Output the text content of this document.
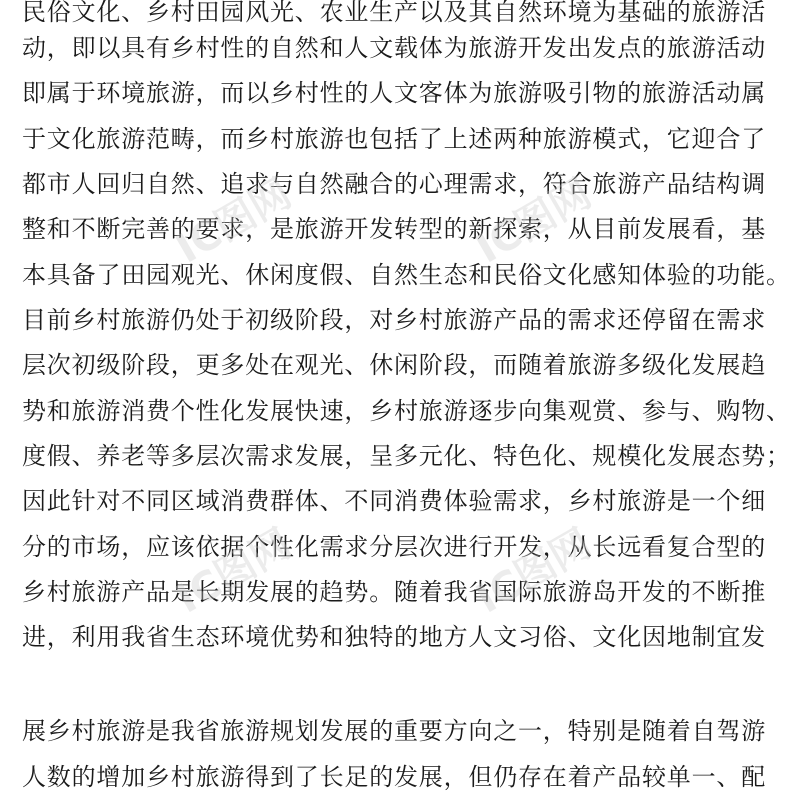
民俗文化、乡村田园风光、农业生产以及其自然环境为基础的旅游活
动，即以具有乡村性的自然和人文载体为旅游开发出发点的旅游活动
即属于环境旅游，而以乡村性的人文客体为旅游吸引物的旅游活动属
于文化旅游范畴，而乡村旅游也包括了上述两种旅游模式，它迎合了
都市人回归自然、追求与自然融合的心理需求，符合旅游产品结构调
整和不断完善的要求，是旅游开发转型的新探索，从目前发展看，基
本具备了田园观光、休闲度假、自然生态和民俗文化感知体验的功能。
目前乡村旅游仍处于初级阶段，对乡村旅游产品的需求还停留在需求
层次初级阶段，更多处在观光、休闲阶段，而随着旅游多级化发展趋
势和旅游消费个性化发展快速，乡村旅游逐步向集观赏、参与、购物、
度假、养老等多层次需求发展，呈多元化、特色化、规模化发展态势；
因此针对不同区域消费群体、不同消费体验需求，乡村旅游是一个细
分的市场，应该依据个性化需求分层次进行开发，从长远看复合型的
乡村旅游产品是长期发展的趋势。随着我省国际旅游岛开发的不断推
进，利用我省生态环境优势和独特的地方人文习俗、文化因地制宜发
展乡村旅游是我省旅游规划发展的重要方向之一，特别是随着自驾游
人数的增加乡村旅游得到了长足的发展，但仍存在着产品较单一、配
IC图网	IC图网
IC图网	IC图网
